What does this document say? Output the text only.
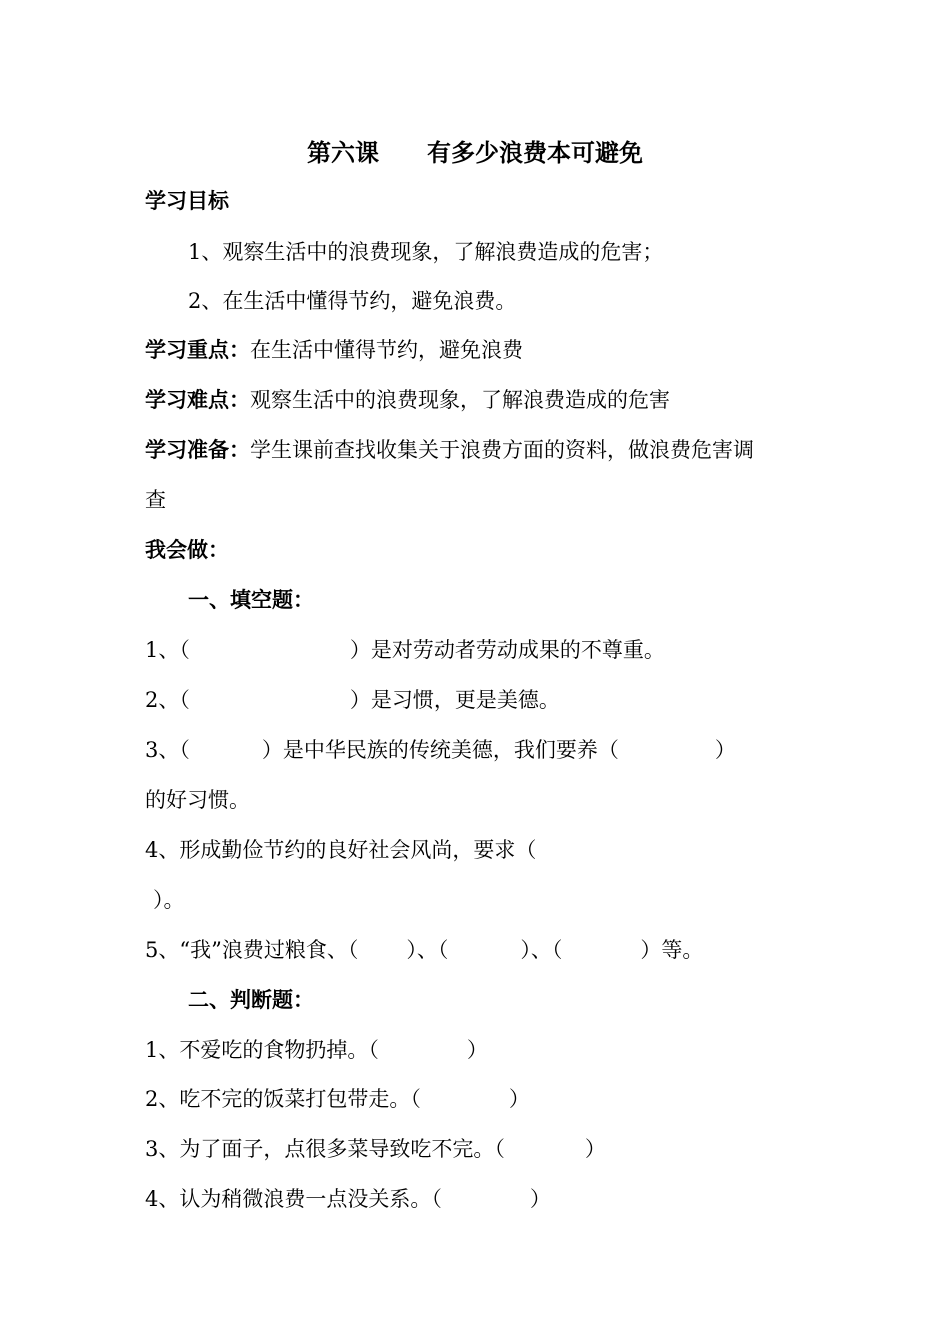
第六课　　有多少浪费本可避免
学习目标
1、观察生活中的浪费现象，了解浪费造成的危害；
2、在生活中懂得节约，避免浪费。
学习重点：在生活中懂得节约，避免浪费
学习难点：观察生活中的浪费现象，了解浪费造成的危害
学习准备：学生课前查找收集关于浪费方面的资料，做浪费危害调
查
我会做：
一、填空题：
1、（	）是对劳动者劳动成果的不尊重。
2、（	）是习惯，更是美德。
3、（	）是中华民族的传统美德，我们要养（	）
的好习惯。
4、形成勤俭节约的良好社会风尚，要求（
）。
5、“我”浪费过粮食、（ ）、（	）、（	）等。
二、判断题：
1、不爱吃的食物扔掉。（	）
2、吃不完的饭菜打包带走。（	）
3、为了面子，点很多菜导致吃不完。（	）
4、认为稍微浪费一点没关系。（	）
